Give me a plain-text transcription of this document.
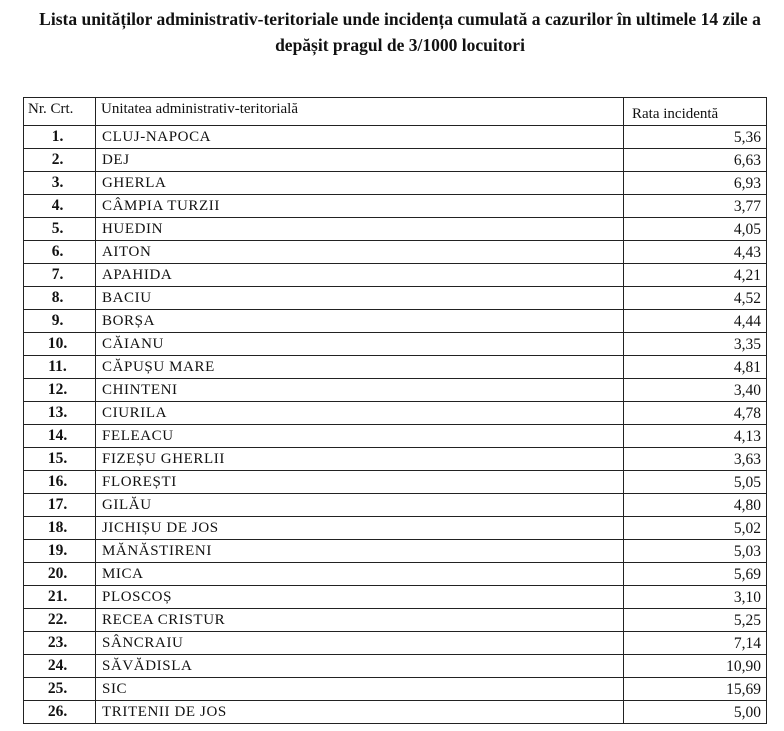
Lista unităților administrativ-teritoriale unde incidența cumulată a cazurilor în ultimele 14 zile a
depășit pragul de 3/1000 locuitori
Nr. Crt.	Unitatea administrativ-teritorială	Rata incidentă
1.	CLUJ-NAPOCA	5,36
2.	DEJ	6,63
3.	GHERLA	6,93
4.	CÂMPIA TURZII	3,77
5.	HUEDIN	4,05
6.	AITON	4,43
7.	APAHIDA	4,21
8.	BACIU	4,52
9.	BORȘA	4,44
10.	CĂIANU	3,35
11.	CĂPUȘU MARE	4,81
12.	CHINTENI	3,40
13.	CIURILA	4,78
14.	FELEACU	4,13
15.	FIZEȘU GHERLII	3,63
16.	FLOREȘTI	5,05
17.	GILĂU	4,80
18.	JICHIȘU DE JOS	5,02
19.	MĂNĂSTIRENI	5,03
20.	MICA	5,69
21.	PLOSCOȘ	3,10
22.	RECEA CRISTUR	5,25
23.	SÂNCRAIU	7,14
24.	SĂVĂDISLA	10,90
25.	SIC	15,69
26.	TRITENII DE JOS	5,00
